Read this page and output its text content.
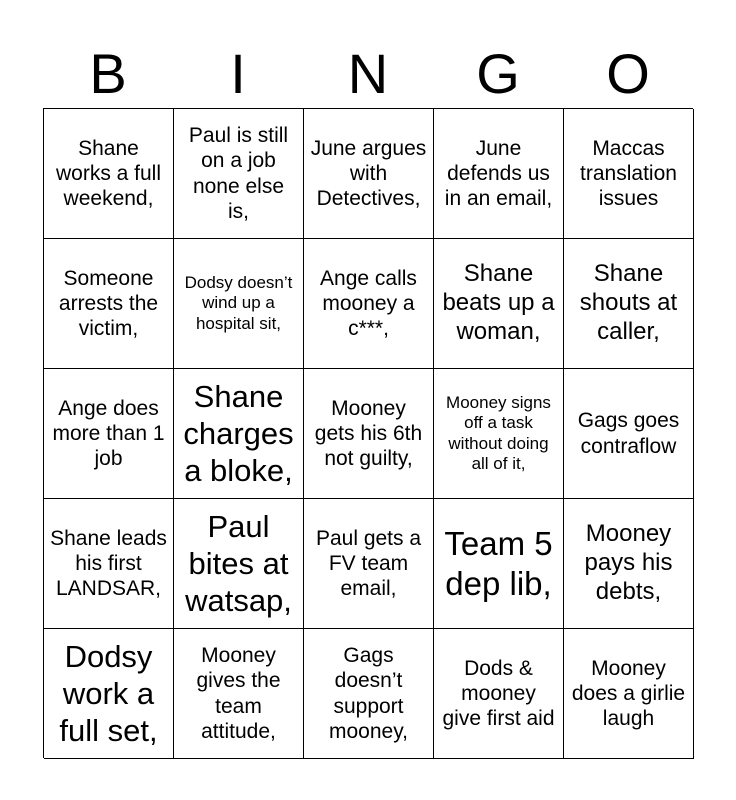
B	I	N	G	O
Shane works a full weekend,
Paul is still on a job none else is,
June argues with Detectives,
June defends us in an email,
Maccas translation issues
Someone arrests the victim,
Dodsy doesn’t wind up a hospital sit,
Ange calls mooney a c***,
Shane beats up a woman,
Shane shouts at caller,
Ange does more than 1 job
Shane charges a bloke,
Mooney gets his 6th not guilty,
Mooney signs off a task without doing all of it,
Gags goes contraflow
Shane leads his first LANDSAR,
Paul bites at watsap,
Paul gets a FV team email,
Team 5 dep lib,
Mooney pays his debts,
Dodsy work a full set,
Mooney gives the team attitude,
Gags doesn’t support mooney,
Dods & mooney give first aid
Mooney does a girlie laugh
